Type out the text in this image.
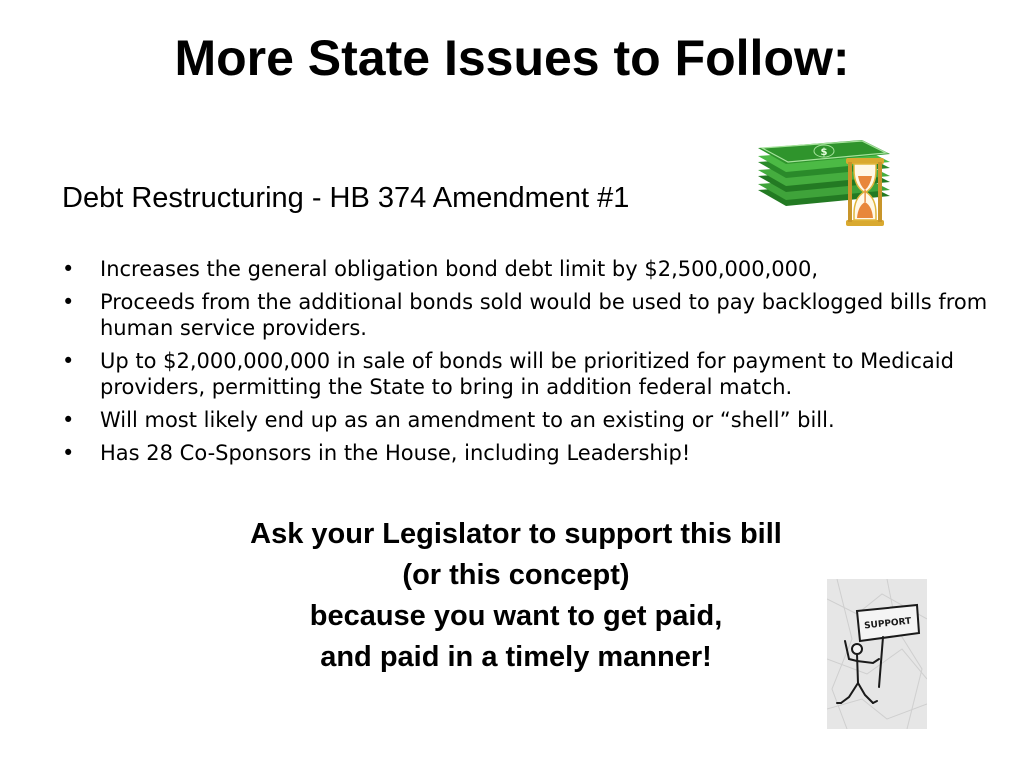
More State Issues to Follow:

Debt Restructuring - HB 374 Amendment #1

$
• Increases the general obligation bond debt limit by $2,500,000,000,
• Proceeds from the additional bonds sold would be used to pay backlogged bills from human service providers.
• Up to $2,000,000,000 in sale of bonds will be prioritized for payment to Medicaid providers, permitting the State to bring in addition federal match.
• Will most likely end up as an amendment to an existing or “shell” bill.
• Has 28 Co-Sponsors in the House, including Leadership!
Ask your Legislator to support this bill
(or this concept)
because you want to get paid,
and paid in a timely manner!
SUPPORT
